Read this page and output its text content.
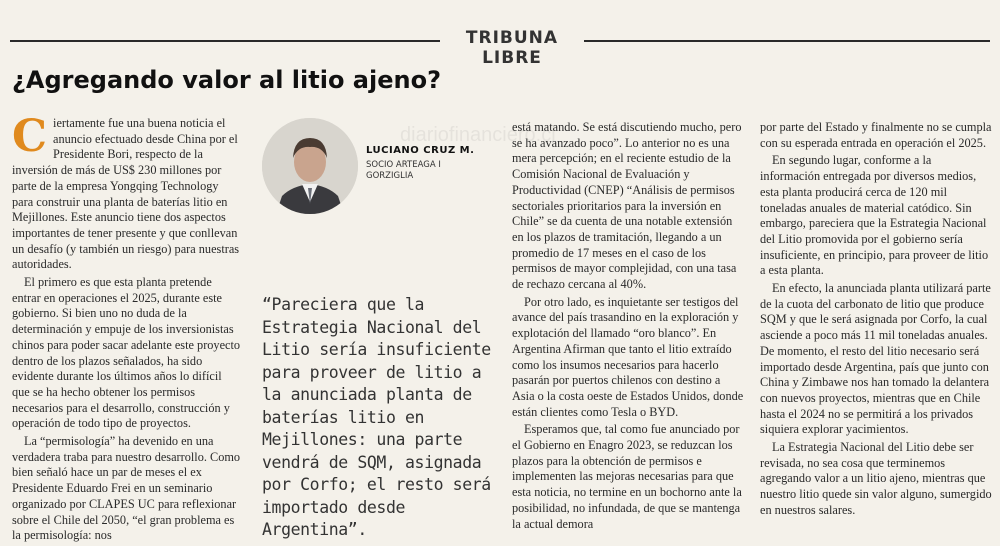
TRIBUNA LIBRE
¿Agregando valor al litio ajeno?
diariofinanciero.cl

Ciertamente fue una buena noticia el anuncio efectuado desde China por el Presidente Bori, respecto de la inversión de más de US$ 230 millones por parte de la empresa Yongqing Technology para construir una planta de baterías litio en Mejillones. Este anuncio tiene dos aspectos importantes de tener presente y que conllevan un desafío (y también un riesgo) para nuestras autoridades.

El primero es que esta planta pretende entrar en operaciones el 2025, durante este gobierno. Si bien uno no duda de la determinación y empuje de los inversionistas chinos para poder sacar adelante este proyecto dentro de los plazos señalados, ha sido evidente durante los últimos años lo difícil que se ha hecho obtener los permisos necesarios para el desarrollo, construcción y operación de todo tipo de proyectos.

La “permisología” ha devenido en una verdadera traba para nuestro desarrollo. Como bien señaló hace un par de meses el ex Presidente Eduardo Frei en un seminario organizado por CLAPES UC para reflexionar sobre el Chile del 2050, “el gran problema es la permisología: nos

LUCIANO CRUZ M.
SOCIO ARTEAGA I GORZIGLIA
“Pareciera que la Estrategia Nacional del Litio sería insuficiente para proveer de litio a la anunciada planta de baterías litio en Mejillones: una parte vendrá de SQM, asignada por Corfo; el resto será importado desde Argentina”.

está matando. Se está discutiendo mucho, pero se ha avanzado poco”. Lo anterior no es una mera percepción; en el reciente estudio de la Comisión Nacional de Evaluación y Productividad (CNEP) “Análisis de permisos sectoriales prioritarios para la inversión en Chile” se da cuenta de una notable extensión en los plazos de tramitación, llegando a un promedio de 17 meses en el caso de los permisos de mayor complejidad, con una tasa de rechazo cercana al 40%.

Por otro lado, es inquietante ser testigos del avance del país trasandino en la exploración y explotación del llamado “oro blanco”. En Argentina Afirman que tanto el litio extraído como los insumos necesarios para hacerlo pasarán por puertos chilenos con destino a Asia o la costa oeste de Estados Unidos, donde están clientes como Tesla o BYD.

Esperamos que, tal como fue anunciado por el Gobierno en Enagro 2023, se reduzcan los plazos para la obtención de permisos e implementen las mejoras necesarias para que esta noticia, no termine en un bochorno ante la posibilidad, no infundada, de que se mantenga la actual demora

por parte del Estado y finalmente no se cumpla con su esperada entrada en operación el 2025.

En segundo lugar, conforme a la información entregada por diversos medios, esta planta producirá cerca de 120 mil toneladas anuales de material catódico. Sin embargo, pareciera que la Estrategia Nacional del Litio promovida por el gobierno sería insuficiente, en principio, para proveer de litio a esta planta.

En efecto, la anunciada planta utilizará parte de la cuota del carbonato de litio que produce SQM y que le será asignada por Corfo, la cual asciende a poco más 11 mil toneladas anuales. De momento, el resto del litio necesario será importado desde Argentina, país que junto con China y Zimbawe nos han tomado la delantera con nuevos proyectos, mientras que en Chile hasta el 2024 no se permitirá a los privados siquiera explorar yacimientos.

La Estrategia Nacional del Litio debe ser revisada, no sea cosa que terminemos agregando valor a un litio ajeno, mientras que nuestro litio quede sin valor alguno, sumergido en nuestros salares.
